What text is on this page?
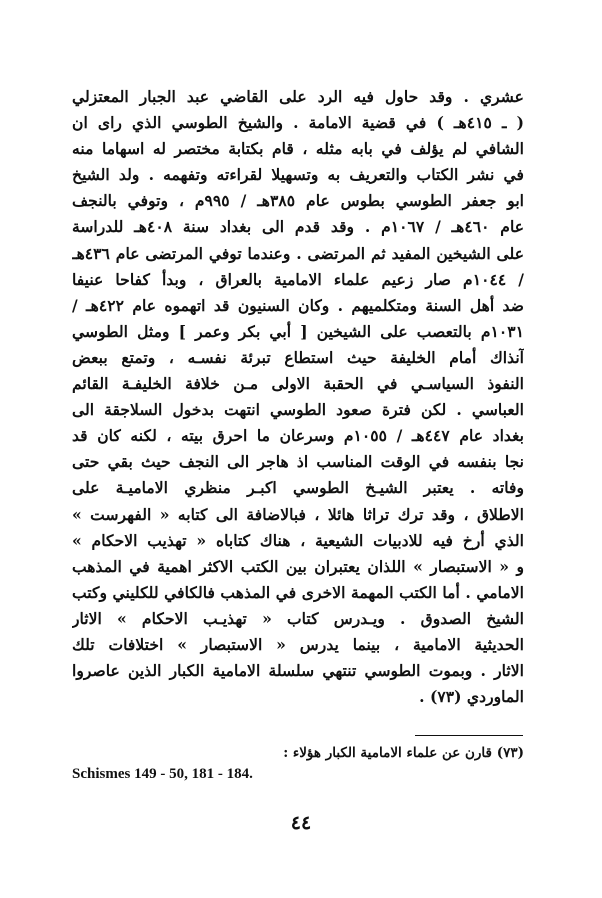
عشري . وقد حاول فيه الرد على القاضي عبد الجبار المعتزلي
( ـ ٤١٥هـ ) في قضية الامامة . والشيخ الطوسي الذي راى ان
الشافي لم يؤلف في بابه مثله ، قام بكتابة مختصر له اسهاما منه
في نشر الكتاب والتعريف به وتسهيلا لقراءته وتفهمه . ولد الشيخ
ابو جعفر الطوسي بطوس عام ٣٨٥هـ / ٩٩٥م ، وتوفي بالنجف
عام ٤٦٠هـ / ١٠٦٧م . وقد قدم الى بغداد سنة ٤٠٨هـ للدراسة
على الشيخين المفيد ثم المرتضى . وعندما توفي المرتضى عام ٤٣٦هـ
/ ١٠٤٤م صار زعيم علماء الامامية بالعراق ، وبدأ كفاحا عنيفا
ضد أهل السنة ومتكلميهم . وكان السنيون قد اتهموه عام ٤٢٢هـ /
١٠٣١م بالتعصب على الشيخين [ أبي بكر وعمر ] ومثل الطوسي
آنذاك أمام الخليفة حيث استطاع تبرئة نفسـه ، وتمتع ببعض
النفوذ السياسـي في الحقبة الاولى مـن خلافة الخليفـة القائم
العباسي . لكن فترة صعود الطوسي انتهت بدخول السلاجقة الى
بغداد عام ٤٤٧هـ / ١٠٥٥م وسرعان ما احرق بيته ، لكنه كان قد
نجا بنفسه في الوقت المناسب اذ هاجر الى النجف حيث بقي حتى
وفاته . يعتبر الشيـخ الطوسي اكبـر منظري الاماميـة على
الاطلاق ، وقد ترك تراثا هائلا ، فبالاضافة الى كتابه « الفهرست »
الذي أرخ فيه للادبيات الشيعية ، هناك كتاباه « تهذيب الاحكام »
و « الاستبصار » اللذان يعتبران بين الكتب الاكثر اهمية في المذهب
الامامي . أما الكتب المهمة الاخرى في المذهب فالكافي للكليني وكتب
الشيخ الصدوق . ويـدرس كتاب « تهذيـب الاحكام » الاثار
الحديثية الامامية ، بينما يدرس « الاستبصار » اختلافات تلك
الاثار . وبموت الطوسي تنتهي سلسلة الامامية الكبار الذين عاصروا
الماوردي (٧٣) .
(٧٣) قارن عن علماء الامامية الكبار هؤلاء :
Schismes 149 - 50, 181 - 184.
٤٤
